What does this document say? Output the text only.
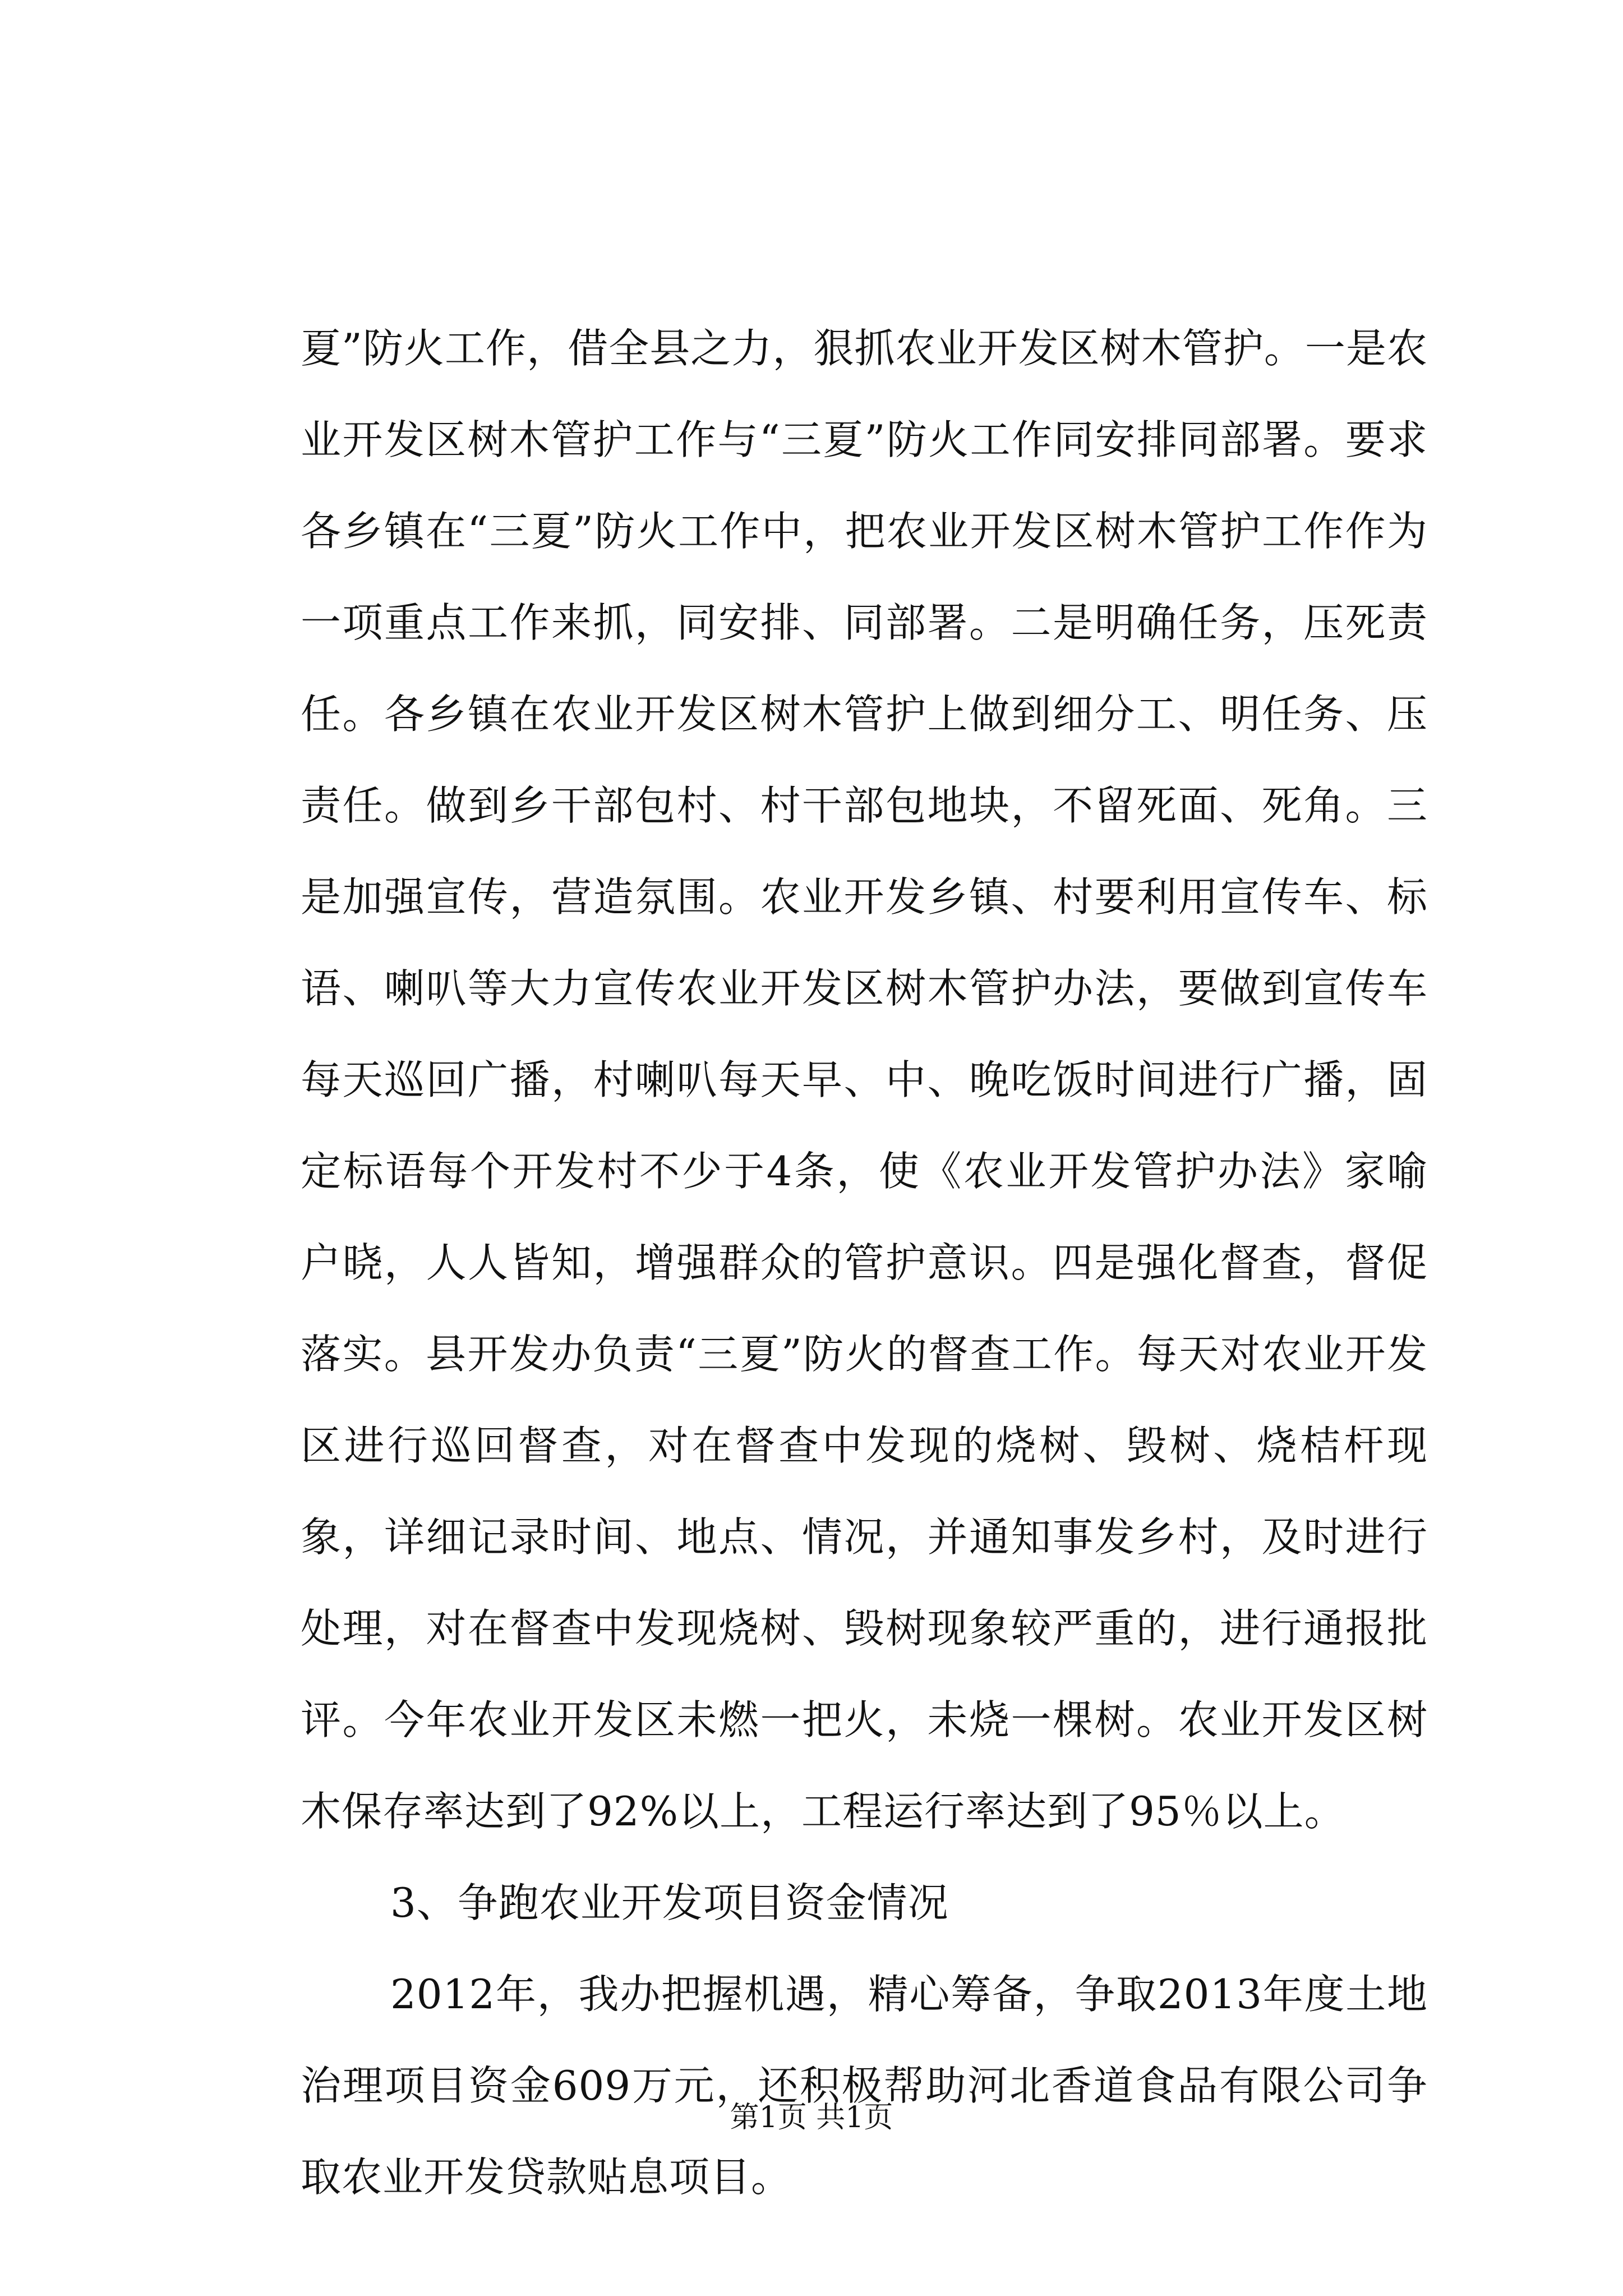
夏”防火工作，借全县之力，狠抓农业开发区树木管护。一是农业开发区树木管护工作与“三夏”防火工作同安排同部署。要求各乡镇在“三夏”防火工作中，把农业开发区树木管护工作作为一项重点工作来抓，同安排、同部署。二是明确任务，压死责任。各乡镇在农业开发区树木管护上做到细分工、明任务、压责任。做到乡干部包村、村干部包地块，不留死面、死角。三是加强宣传，营造氛围。农业开发乡镇、村要利用宣传车、标语、喇叭等大力宣传农业开发区树木管护办法，要做到宣传车每天巡回广播，村喇叭每天早、中、晚吃饭时间进行广播，固定标语每个开发村不少于4条，使《农业开发管护办法》家喻户晓，人人皆知，增强群众的管护意识。四是强化督查，督促落实。县开发办负责“三夏”防火的督查工作。每天对农业开发区进行巡回督查，对在督查中发现的烧树、毁树、烧桔杆现象，详细记录时间、地点、情况，并通知事发乡村，及时进行处理，对在督查中发现烧树、毁树现象较严重的，进行通报批评。今年农业开发区未燃一把火，未烧一棵树。农业开发区树木保存率达到了92%以上，工程运行率达到了95％以上。

3、争跑农业开发项目资金情况

2012年，我办把握机遇，精心筹备，争取2013年度土地治理项目资金609万元，还积极帮助河北香道食品有限公司争取农业开发贷款贴息项目。

第1页 共1页
